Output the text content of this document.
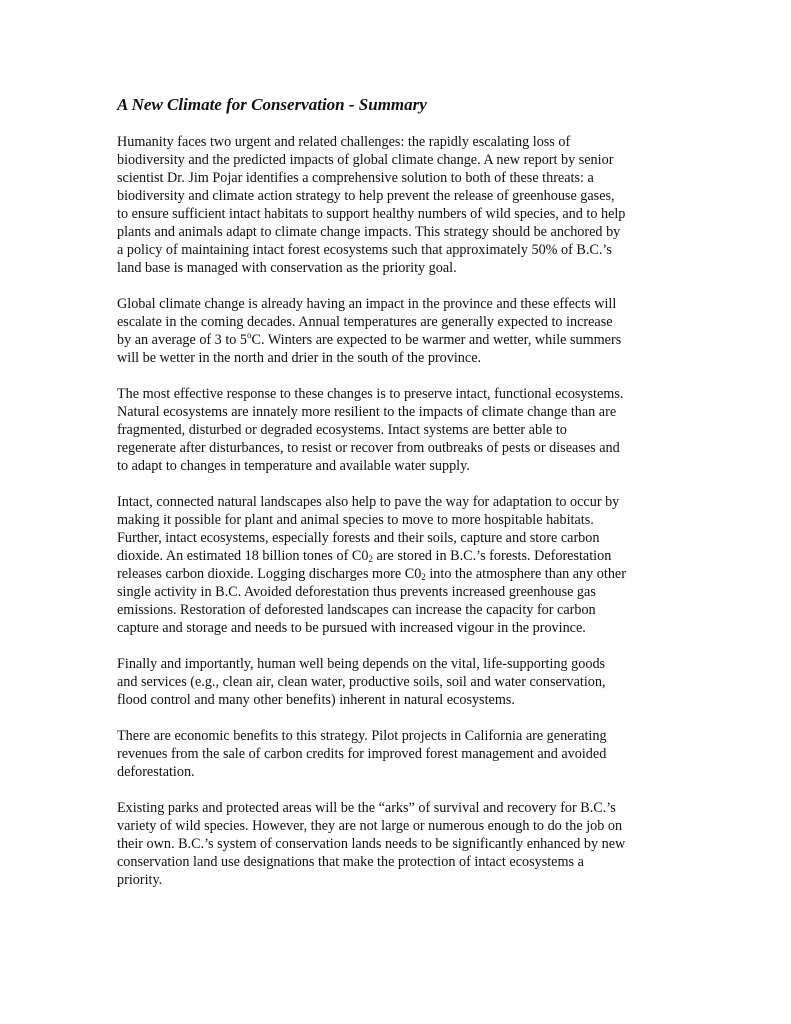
A New Climate for Conservation - Summary

Humanity faces two urgent and related challenges: the rapidly escalating loss of
biodiversity and the predicted impacts of global climate change. A new report by senior
scientist Dr. Jim Pojar identifies a comprehensive solution to both of these threats: a
biodiversity and climate action strategy to help prevent the release of greenhouse gases,
to ensure sufficient intact habitats to support healthy numbers of wild species, and to help
plants and animals adapt to climate change impacts. This strategy should be anchored by
a policy of maintaining intact forest ecosystems such that approximately 50% of B.C.’s
land base is managed with conservation as the priority goal.

Global climate change is already having an impact in the province and these effects will
escalate in the coming decades. Annual temperatures are generally expected to increase
by an average of 3 to 5$^o$C. Winters are expected to be warmer and wetter, while summers
will be wetter in the north and drier in the south of the province.

The most effective response to these changes is to preserve intact, functional ecosystems.
Natural ecosystems are innately more resilient to the impacts of climate change than are
fragmented, disturbed or degraded ecosystems. Intact systems are better able to
regenerate after disturbances, to resist or recover from outbreaks of pests or diseases and
to adapt to changes in temperature and available water supply.

Intact, connected natural landscapes also help to pave the way for adaptation to occur by
making it possible for plant and animal species to move to more hospitable habitats.
Further, intact ecosystems, especially forests and their soils, capture and store carbon
dioxide. An estimated 18 billion tones of $C0_2$ are stored in B.C.’s forests. Deforestation
releases carbon dioxide. Logging discharges more $C0_2$ into the atmosphere than any other
single activity in B.C. Avoided deforestation thus prevents increased greenhouse gas
emissions. Restoration of deforested landscapes can increase the capacity for carbon
capture and storage and needs to be pursued with increased vigour in the province.

Finally and importantly, human well being depends on the vital, life-supporting goods
and services (e.g., clean air, clean water, productive soils, soil and water conservation,
flood control and many other benefits) inherent in natural ecosystems.

There are economic benefits to this strategy. Pilot projects in California are generating
revenues from the sale of carbon credits for improved forest management and avoided
deforestation.

Existing parks and protected areas will be the “arks” of survival and recovery for B.C.’s
variety of wild species. However, they are not large or numerous enough to do the job on
their own. B.C.’s system of conservation lands needs to be significantly enhanced by new
conservation land use designations that make the protection of intact ecosystems a
priority.
